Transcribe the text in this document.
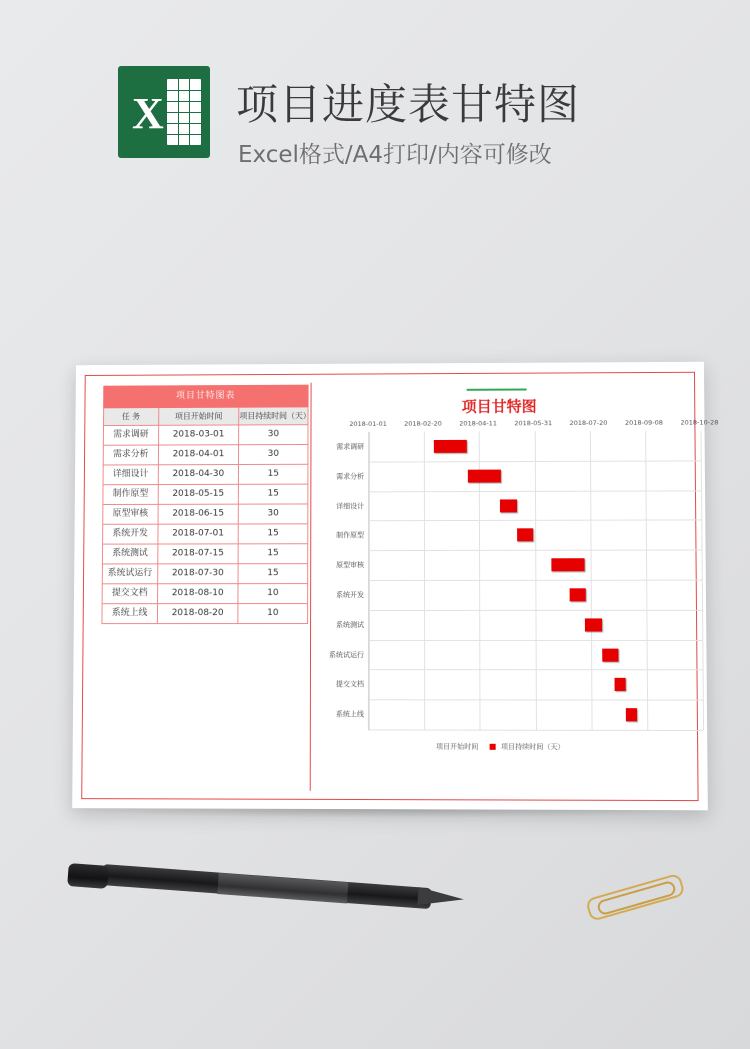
X 项目进度表甘特图
Excel格式/A4打印/内容可修改
项目甘特图表		
任 务	项目开始时间	项目持续时间（天）
需求调研	2018-03-01	30
需求分析	2018-04-01	30
详细设计	2018-04-30	15
制作原型	2018-05-15	15
原型审核	2018-06-15	30
系统开发	2018-07-01	15
系统测试	2018-07-15	15
系统试运行	2018-07-30	15
提交文档	2018-08-10	10
系统上线	2018-08-20	10
项目甘特图
2018-01-01	2018-02-20	2018-04-11	2018-05-31	2018-07-20	2018-09-08	2018-10-28
需求调研
需求分析
详细设计
制作原型
原型审核
系统开发
系统测试
系统试运行
提交文档
系统上线
项目开始时间	项目持续时间（天）
